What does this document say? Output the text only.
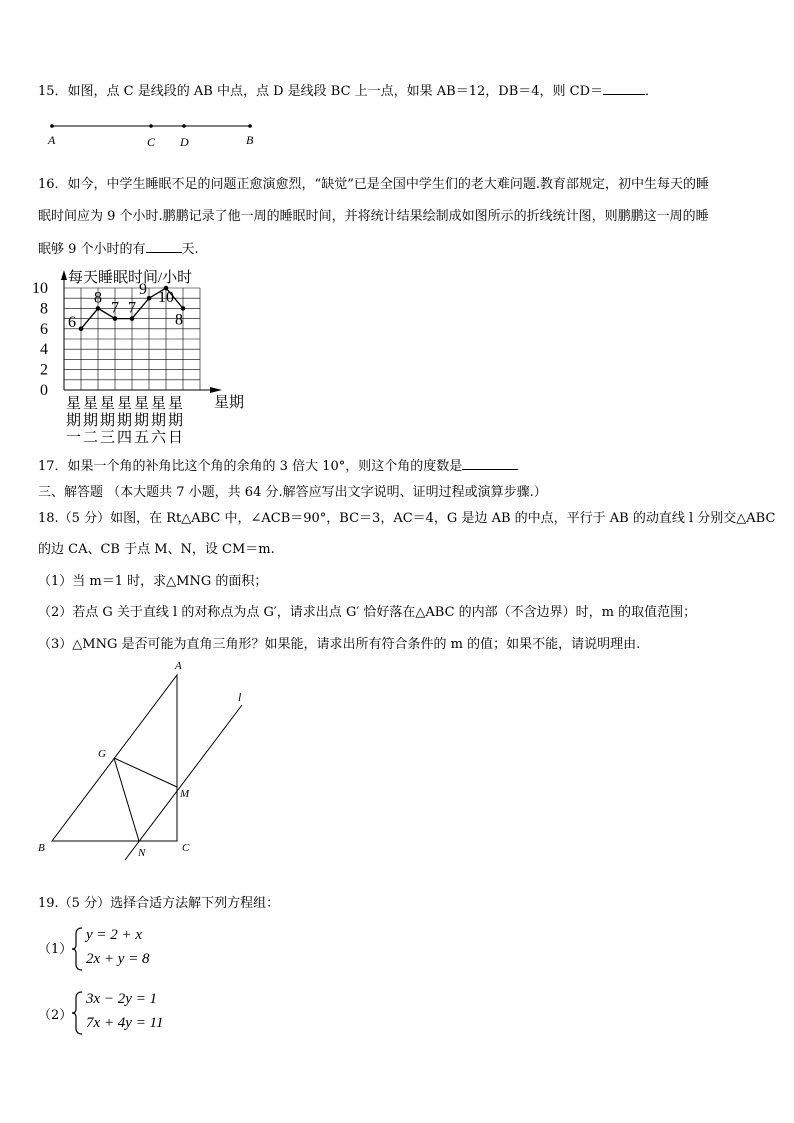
15．如图，点 C 是线段的 AB 中点，点 D 是线段 BC 上一点，如果 AB＝12，DB＝4，则 CD＝	．
A	C D	B
16．如今，中学生睡眠不足的问题正愈演愈烈，“缺觉”已是全国中学生们的老大难问题.教育部规定，初中生每天的睡
眠时间应为 9 个小时.鹏鹏记录了他一周的睡眠时间，并将统计结果绘制成如图所示的折线统计图，则鹏鹏这一周的睡
眠够 9 个小时的有	天.
0
2
4
6
8
10
星
期
一
星
期
二
星
期
三
星
期
四
星
期
五
星
期
六
星
期
日
6
8
7 7
9 10
8
每天睡眠时间/小时
星期
17．如果一个角的补角比这个角的余角的 3 倍大 10°，则这个角的度数是
三、解答题 （本大题共 7 小题，共 64 分.解答应写出文字说明、证明过程或演算步骤.）
18.（5 分）如图，在 Rt△ABC 中，∠ACB＝90°，BC＝3，AC＝4，G 是边 AB 的中点，平行于 AB 的动直线 l 分别交△ABC
的边 CA、CB 于点 M、N，设 CM＝m.
（1）当 m＝1 时，求△MNG 的面积；
（2）若点 G 关于直线 l 的对称点为点 G′，请求出点 G′ 恰好落在△ABC 的内部（不含边界）时，m 的取值范围；
（3）△MNG 是否可能为直角三角形？如果能，请求出所有符合条件的 m 的值；如果不能，请说明理由.
A
B	C
G
M
N
l
19.（5 分）选择合适方法解下列方程组：
（1）
y = 2 + x
2x + y = 8
（2）
3x − 2y = 1
7x + 4y = 11
